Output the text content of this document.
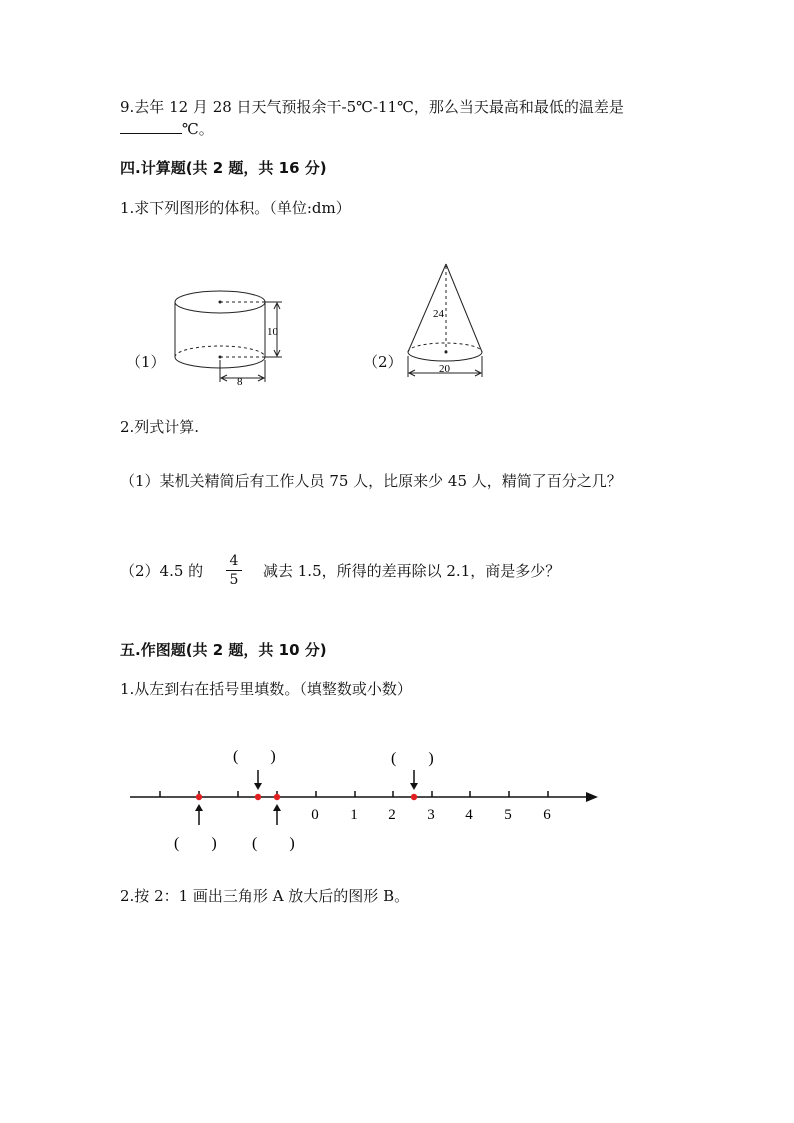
9.去年 12 月 28 日天气预报余干-5℃-11℃，那么当天最高和最低的温差是
℃。
四.计算题(共 2 题，共 16 分)
1.求下列图形的体积。（单位:dm）
（1）
10
8
（2）
24
20
2.列式计算.
（1）某机关精简后有工作人员 75 人，比原来少 45 人，精简了百分之几？
（2）4.5 的
4
5 减去 1.5，所得的差再除以 2.1，商是多少？
五.作图题(共 2 题，共 10 分)
1.从左到右在括号里填数。（填整数或小数）
0 1 2 3 4 5 6
(        )	(        )
(        ) (        )
2.按 2：1 画出三角形 A 放大后的图形 B。
